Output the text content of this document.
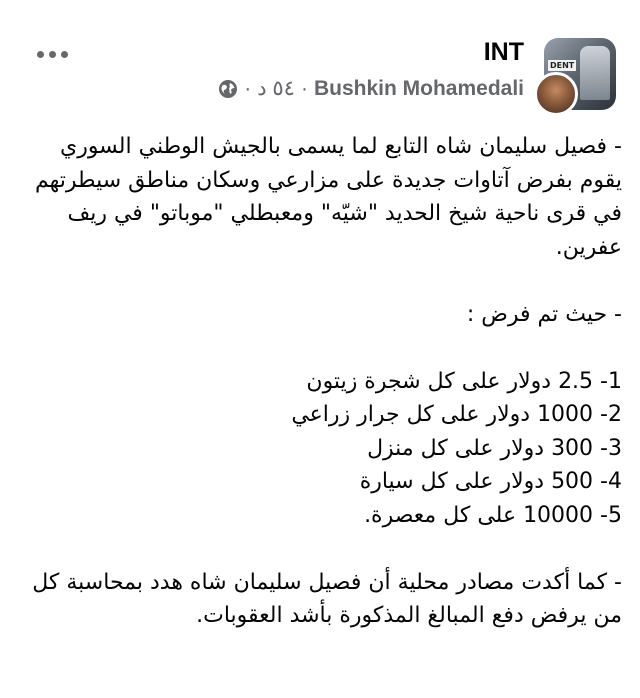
INT
Bushkin Mohamedali
·
٥٤ د
·
DENT

- فصيل سليمان شاه التابع لما يسمى بالجيش الوطني السوري يقوم بفرض آتاوات جديدة على مزارعي وسكان مناطق سيطرتهم في قرى ناحية شيخ الحديد "شيّه" ومعبطلي "موباتو" في ريف عفرين.

- حيث تم فرض :

1- 2.5 دولار على كل شجرة زيتون

2- 1000 دولار على كل جرار زراعي

3- 300 دولار على كل منزل

4- 500 دولار على كل سيارة

5- 10000 على كل معصرة.

- كما أكدت مصادر محلية أن فصيل سليمان شاه هدد بمحاسبة كل من يرفض دفع المبالغ المذكورة بأشد العقوبات.
